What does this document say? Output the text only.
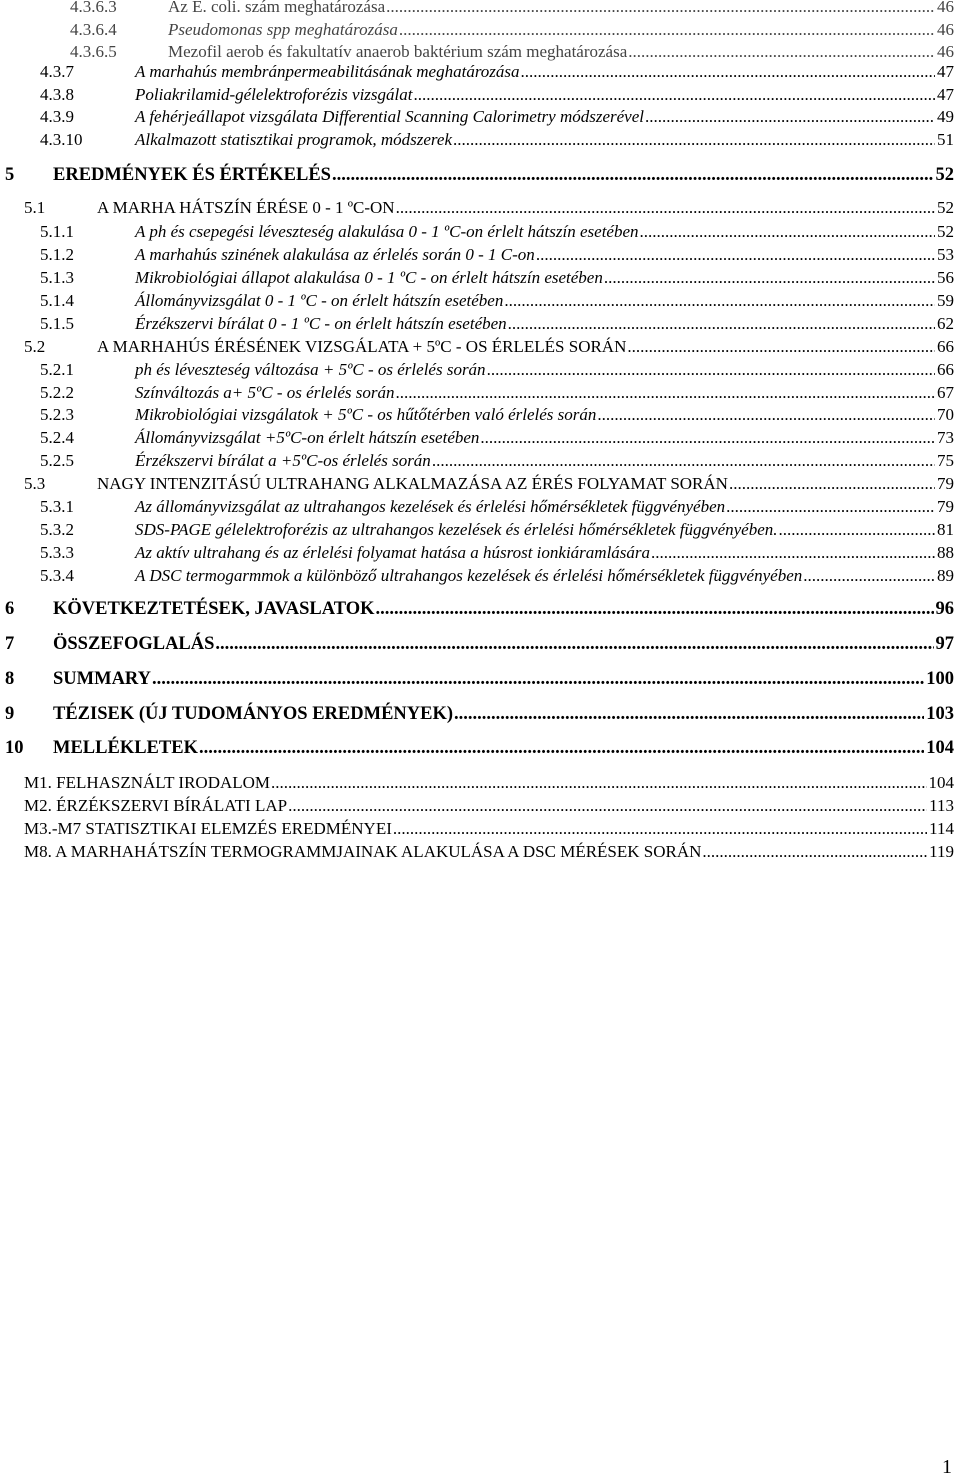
4.3.6.3	Az E. coli. szám meghatározása .....	46
4.3.6.4	Pseudomonas spp meghatározása .....	46
4.3.6.5	Mezofil aerob és fakultatív anaerob baktérium szám meghatározása .....	46
4.3.7	A marhahús membránpermeabilitásának meghatározása .....	47
4.3.8	Poliakrilamid-gélelektroforézis vizsgálat .....	47
4.3.9	A fehérjeállapot vizsgálata Differential Scanning Calorimetry módszerével .....	49
4.3.10	Alkalmazott statisztikai programok, módszerek .....	51
5	EREDMÉNYEK ÉS ÉRTÉKELÉS .....	52
5.1	A MARHA HÁTSZÍN ÉRÉSE 0 - 1 ºC-ON .....	52
5.1.1	A ph és csepegési léveszteség alakulása 0 - 1 ºC-on érlelt hátszín esetében .....	52
5.1.2	A marhahús szinének alakulása az érlelés során 0 - 1 C-on .....	53
5.1.3	Mikrobiológiai állapot alakulása 0 - 1 ºC - on érlelt hátszín esetében .....	56
5.1.4	Állományvizsgálat 0 - 1 ºC - on érlelt hátszín esetében .....	59
5.1.5	Érzékszervi bírálat 0 - 1 ºC - on érlelt hátszín esetében .....	62
5.2	A MARHAHÚS ÉRÉSÉNEK VIZSGÁLATA + 5ºC - OS ÉRLELÉS SORÁN .....	66
5.2.1	ph és léveszteség változása + 5ºC - os érlelés során .....	66
5.2.2	Színváltozás a+ 5ºC - os érlelés során .....	67
5.2.3	Mikrobiológiai vizsgálatok + 5ºC - os hűtőtérben való érlelés során .....	70
5.2.4	Állományvizsgálat +5ºC-on érlelt hátszín esetében .....	73
5.2.5	Érzékszervi bírálat a +5ºC-os érlelés során .....	75
5.3	NAGY INTENZITÁSÚ ULTRAHANG ALKALMAZÁSA AZ ÉRÉS FOLYAMAT SORÁN .....	79
5.3.1	Az állományvizsgálat az ultrahangos kezelések és érlelési hőmérsékletek függvényében .....	79
5.3.2	SDS-PAGE gélelektroforézis az ultrahangos kezelések és érlelési hőmérsékletek függvényében. .....	81
5.3.3	Az aktív ultrahang és az érlelési folyamat hatása a húsrost ionkiáramlására .....	88
5.3.4	A DSC termogarmmok a különböző ultrahangos kezelések és érlelési hőmérsékletek függvényében .....	89
6	KÖVETKEZTETÉSEK, JAVASLATOK .....	96
7	ÖSSZEFOGLALÁS .....	97
8	SUMMARY .....	100
9	TÉZISEK (ÚJ TUDOMÁNYOS EREDMÉNYEK) .....	103
10	MELLÉKLETEK .....	104
M1. FELHASZNÁLT IRODALOM .....	104
M2. ÉRZÉKSZERVI BÍRÁLATI LAP .....	113
M3.-M7 STATISZTIKAI ELEMZÉS EREDMÉNYEI .....	114
M8. A MARHAHÁTSZÍN TERMOGRAMMJAINAK ALAKULÁSA A DSC MÉRÉSEK SORÁN .....	119
1
